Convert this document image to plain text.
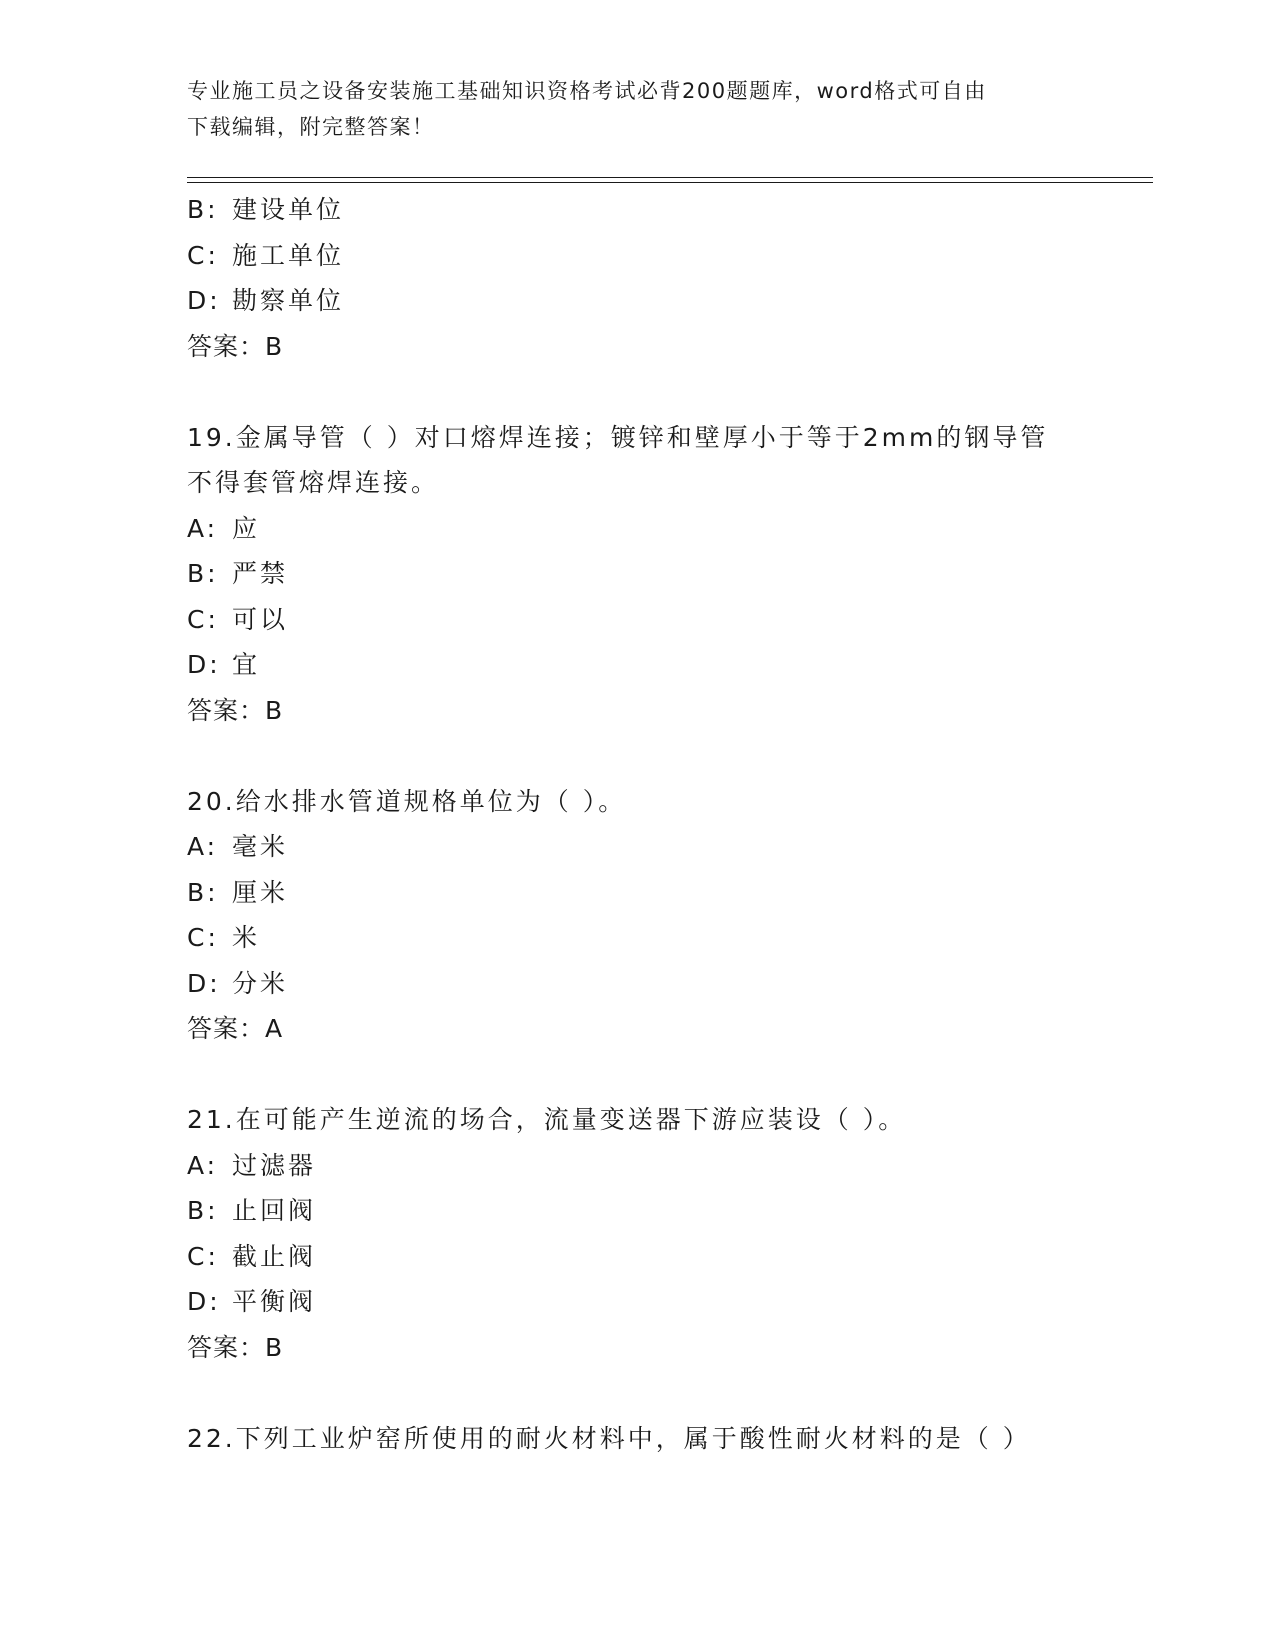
专业施工员之设备安装施工基础知识资格考试必背200题题库，word格式可自由
下载编辑，附完整答案！
B: 建设单位
C: 施工单位
D: 勘察单位
答案：B
19.金属导管（ ）对口熔焊连接；镀锌和壁厚小于等于2mm的钢导管
不得套管熔焊连接。
A: 应
B: 严禁
C: 可以
D: 宜
答案：B
20.给水排水管道规格单位为（ ）。
A: 毫米
B: 厘米
C: 米
D: 分米
答案：A
21.在可能产生逆流的场合，流量变送器下游应装设（ ）。
A: 过滤器
B: 止回阀
C: 截止阀
D: 平衡阀
答案：B
22.下列工业炉窑所使用的耐火材料中，属于酸性耐火材料的是（ ）
